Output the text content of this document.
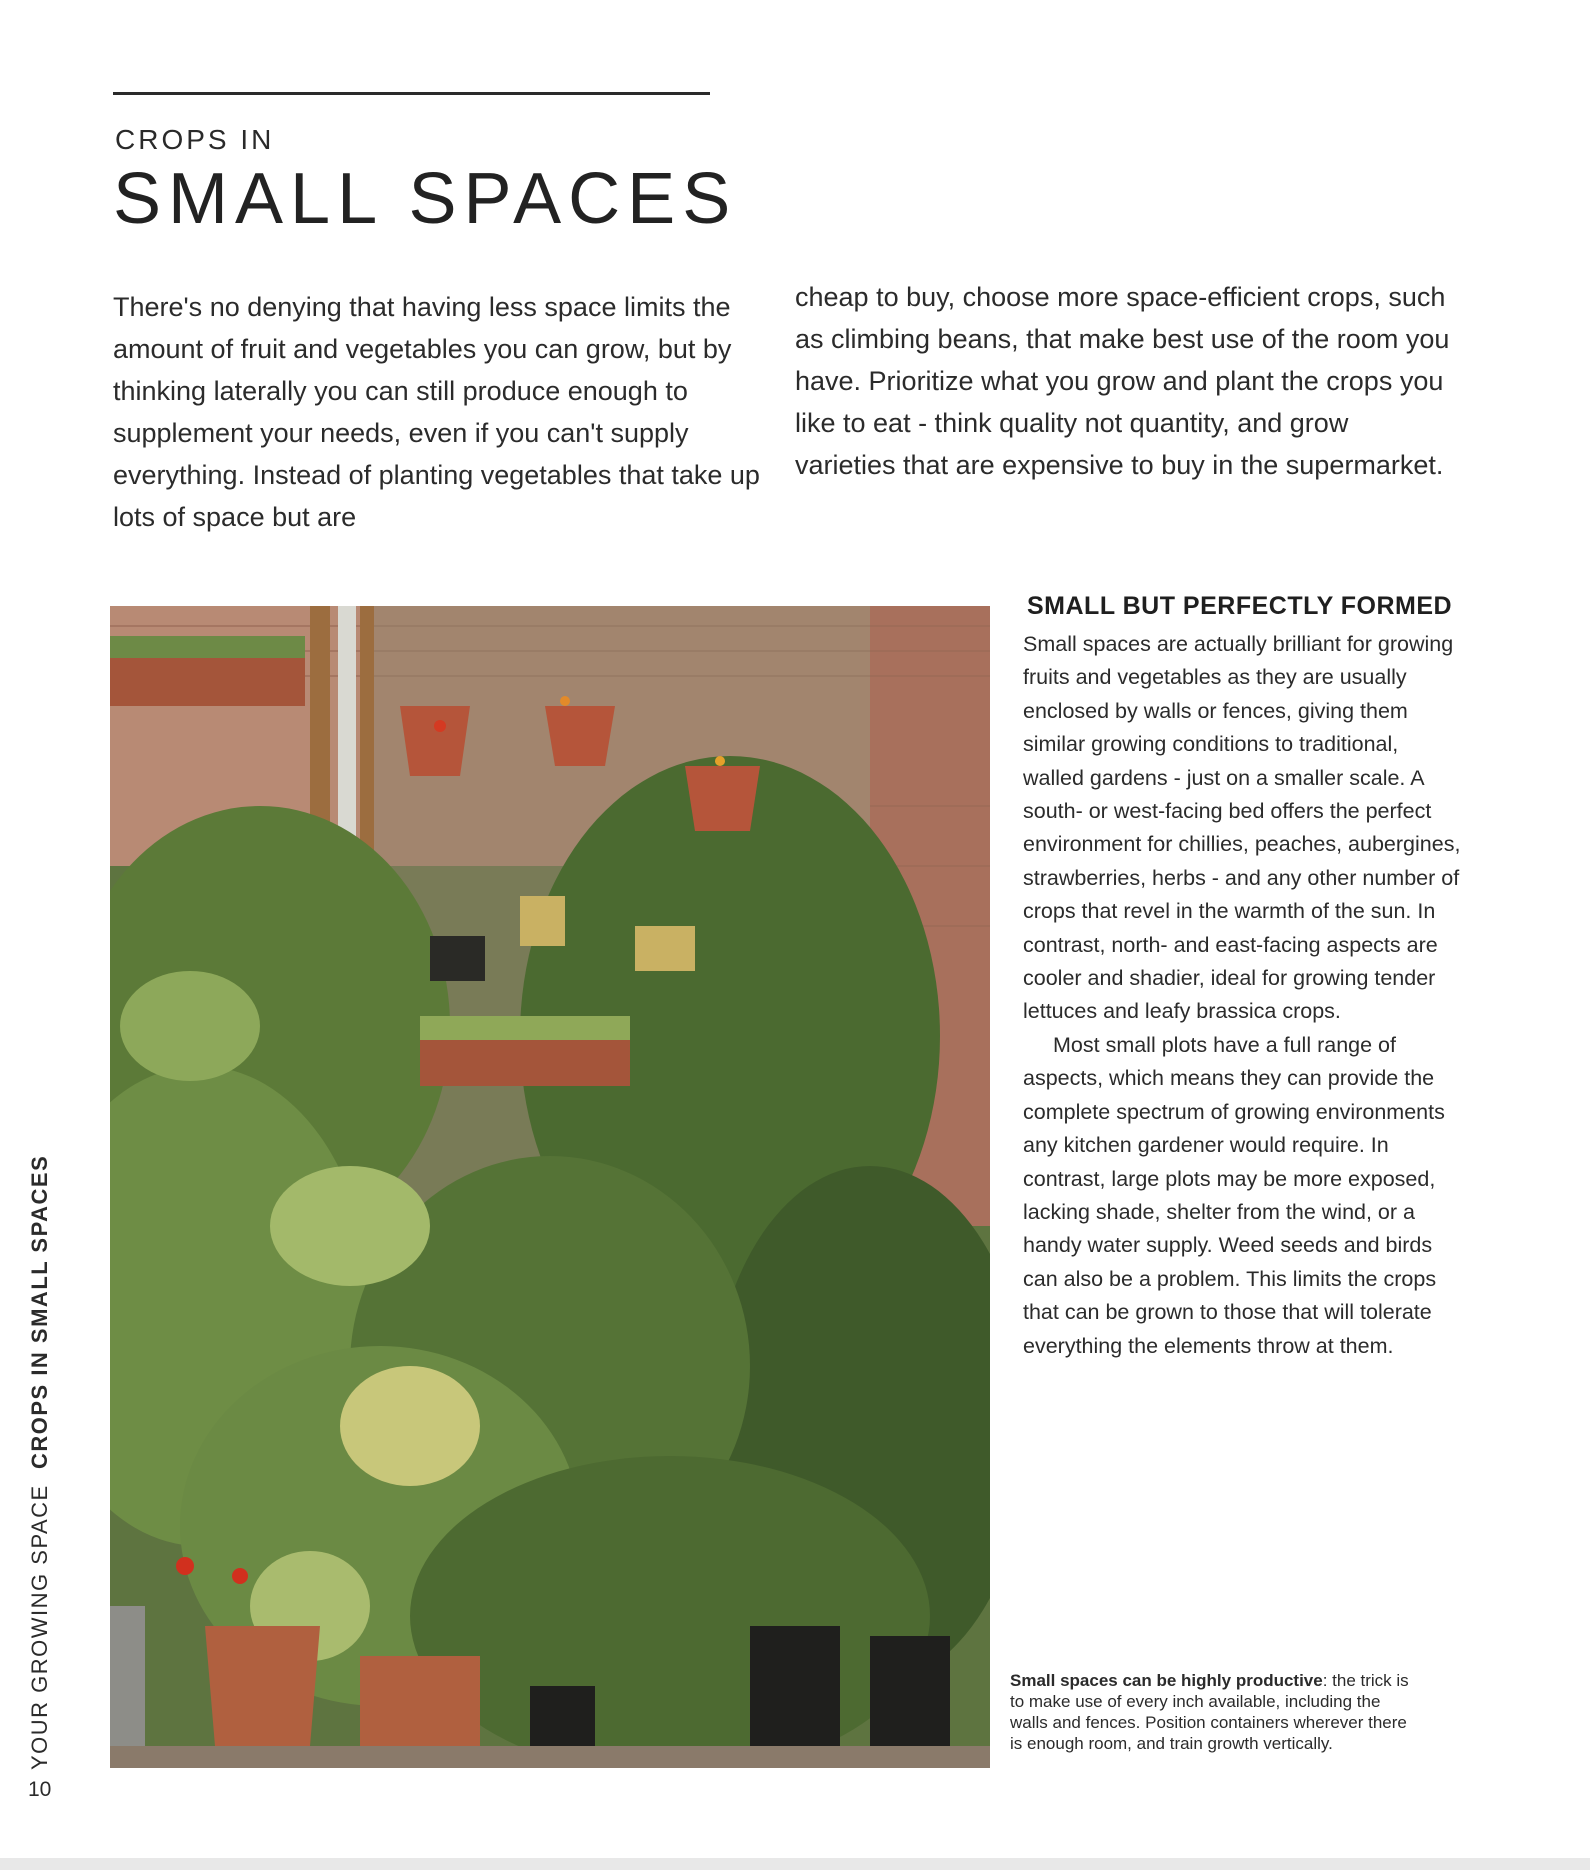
CROPS IN
SMALL SPACES

There's no denying that having less space limits the amount of fruit and vegetables you can grow, but by thinking laterally you can still produce enough to supplement your needs, even if you can't supply everything. Instead of planting vegetables that take up lots of space but are

cheap to buy, choose more space-efficient crops, such as climbing beans, that make best use of the room you have. Prioritize what you grow and plant the crops you like to eat - think quality not quantity, and grow varieties that are expensive to buy in the supermarket.

SMALL BUT PERFECTLY FORMED

Small spaces are actually brilliant for growing fruits and vegetables as they are usually enclosed by walls or fences, giving them similar growing conditions to traditional, walled gardens - just on a smaller scale. A south- or west-facing bed offers the perfect environment for chillies, peaches, aubergines, strawberries, herbs - and any other number of crops that revel in the warmth of the sun. In contrast, north- and east-facing aspects are cooler and shadier, ideal for growing tender lettuces and leafy brassica crops.

Most small plots have a full range of aspects, which means they can provide the complete spectrum of growing environments any kitchen gardener would require. In contrast, large plots may be more exposed, lacking shade, shelter from the wind, or a handy water supply. Weed seeds and birds can also be a problem. This limits the crops that can be grown to those that will tolerate everything the elements throw at them.

Small spaces can be highly productive: the trick is to make use of every inch available, including the walls and fences. Position containers wherever there is enough room, and train growth vertically.
YOUR GROWING SPACE  CROPS IN SMALL SPACES
10
